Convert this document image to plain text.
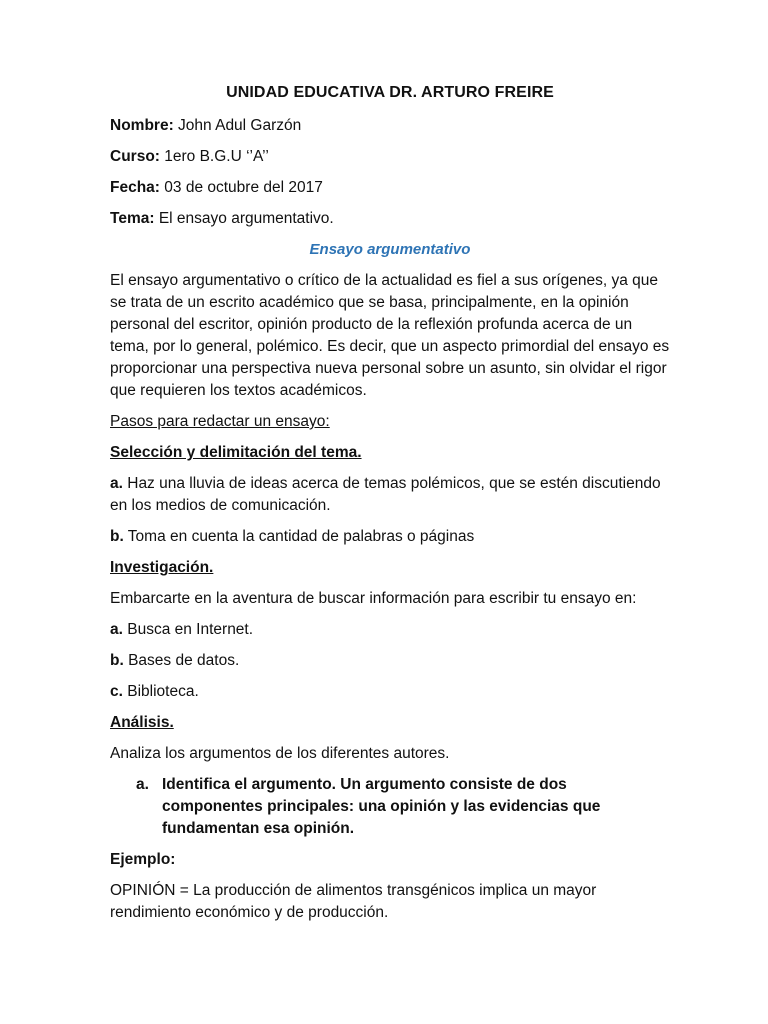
UNIDAD EDUCATIVA DR. ARTURO FREIRE
Nombre: John Adul Garzón
Curso: 1ero B.G.U ‘’A’’
Fecha: 03 de octubre del 2017
Tema: El ensayo argumentativo.
Ensayo argumentativo

El ensayo argumentativo o crítico de la actualidad es fiel a sus orígenes, ya que se trata de un escrito académico que se basa, principalmente, en la opinión personal del escritor, opinión producto de la reflexión profunda acerca de un tema, por lo general, polémico. Es decir, que un aspecto primordial del ensayo es proporcionar una perspectiva nueva personal sobre un asunto, sin olvidar el rigor que requieren los textos académicos.

Pasos para redactar un ensayo:

Selección y delimitación del tema.

a. Haz una lluvia de ideas acerca de temas polémicos, que se estén discutiendo en los medios de comunicación.

b. Toma en cuenta la cantidad de palabras o páginas

Investigación.

Embarcarte en la aventura de buscar información para escribir tu ensayo en:

a. Busca en Internet.

b. Bases de datos.

c. Biblioteca.

Análisis.

Analiza los argumentos de los diferentes autores.

a. Identifica el argumento. Un argumento consiste de dos componentes principales: una opinión y las evidencias que fundamentan esa opinión.

Ejemplo:

OPINIÓN = La producción de alimentos transgénicos implica un mayor rendimiento económico y de producción.
